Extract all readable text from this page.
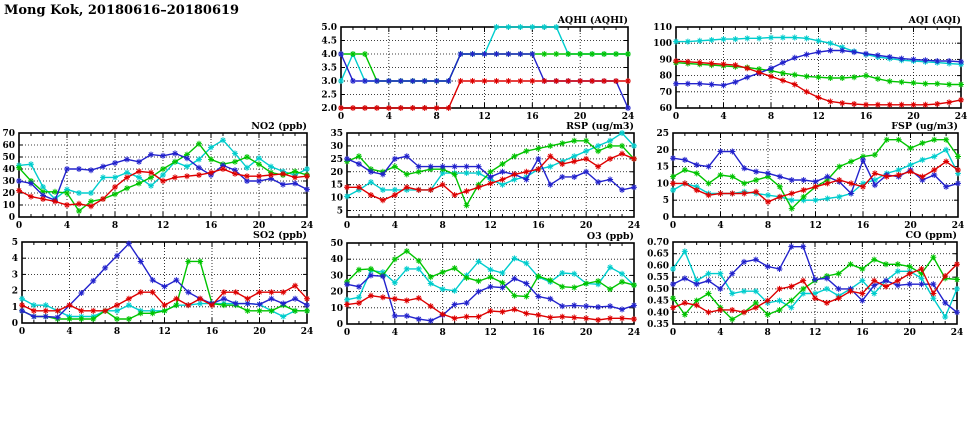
Mong Kok, 20180616–20180619
2.0
2.5
3.0
3.5
4.0
4.5
5.0
0	4	8	12	16	20	24
AQHI (AQHI)
60
70
80
90
100
110
0	4	8	12	16	20	24
AQI (AQI)
0
10
20
30
40
50
60
70
0	4	8	12	16	20	24
NO2 (ppb)
5
10
15
20
25
30
35
0	4	8	12	16	20	24
RSP (ug/m3)
0
5
10
15
20
25
0	4	8	12	16	20	24
FSP (ug/m3)
0
1
2
3
4
5
0	4	8	12	16	20	24
SO2 (ppb)
0
10
20
30
40
50
0	4	8	12	16	20	24
O3 (ppb)
0.35
0.40
0.45
0.50
0.55
0.60
0.65
0.70
0	4	8	12	16	20	24
CO (ppm)
